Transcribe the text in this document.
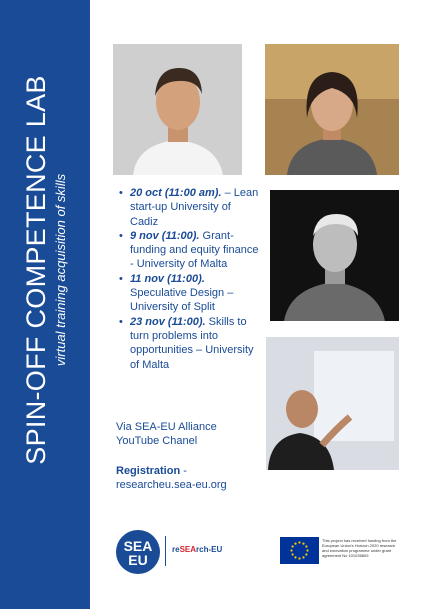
SPIN-OFF COMPETENCE LAB virtual training acquisition of skills
•	20 oct (11:00 am). – Lean start-up University of Cadiz
• 9 nov (11:00). Grant-funding and equity finance - University of Malta
• 11 nov (11:00). Speculative Design – University of Split
• 23 nov (11:00). Skills to turn problems into opportunities – University of Malta
Via SEA-EU Alliance YouTube Chanel
Registration -
researcheu.sea-eu.org
SEA
EU
reSEArch-EU
This project has received funding from the European Union's Horizon 2020 research and innovation programme under grant agreement No 101035809
